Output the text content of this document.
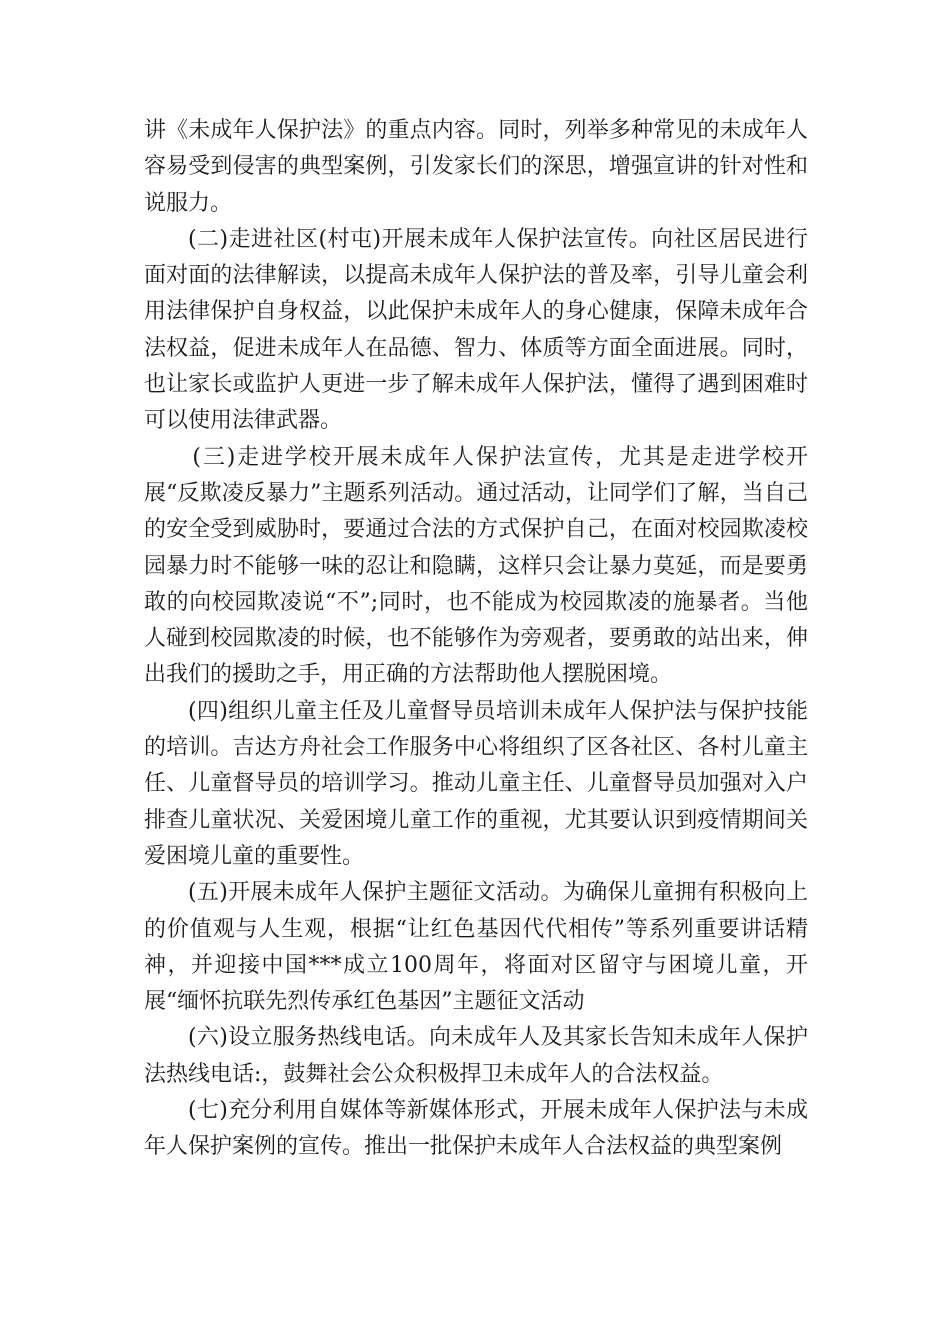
讲《未成年人保护法》的重点内容。同时，列举多种常见的未成年人容易受到侵害的典型案例，引发家长们的深思，增强宣讲的针对性和说服力。

(二)走进社区(村屯)开展未成年人保护法宣传。向社区居民进行面对面的法律解读，以提高未成年人保护法的普及率，引导儿童会利用法律保护自身权益，以此保护未成年人的身心健康，保障未成年合法权益，促进未成年人在品德、智力、体质等方面全面进展。同时，也让家长或监护人更进一步了解未成年人保护法，懂得了遇到困难时可以使用法律武器。

(三)走进学校开展未成年人保护法宣传，尤其是走进学校开展“反欺凌反暴力”主题系列活动。通过活动，让同学们了解，当自己的安全受到威胁时，要通过合法的方式保护自己，在面对校园欺凌校园暴力时不能够一味的忍让和隐瞒，这样只会让暴力莫延，而是要勇敢的向校园欺凌说“不”;同时，也不能成为校园欺凌的施暴者。当他人碰到校园欺凌的时候，也不能够作为旁观者，要勇敢的站出来，伸出我们的援助之手，用正确的方法帮助他人摆脱困境。

(四)组织儿童主任及儿童督导员培训未成年人保护法与保护技能的培训。吉达方舟社会工作服务中心将组织了区各社区、各村儿童主任、儿童督导员的培训学习。推动儿童主任、儿童督导员加强对入户排查儿童状况、关爱困境儿童工作的重视，尤其要认识到疫情期间关爱困境儿童的重要性。

(五)开展未成年人保护主题征文活动。为确保儿童拥有积极向上的价值观与人生观，根据“让红色基因代代相传”等系列重要讲话精神，并迎接中国***成立100周年，将面对区留守与困境儿童，开展“缅怀抗联先烈传承红色基因”主题征文活动

(六)设立服务热线电话。向未成年人及其家长告知未成年人保护法热线电话:，鼓舞社会公众积极捍卫未成年人的合法权益。

(七)充分利用自媒体等新媒体形式，开展未成年人保护法与未成年人保护案例的宣传。推出一批保护未成年人合法权益的典型案例
